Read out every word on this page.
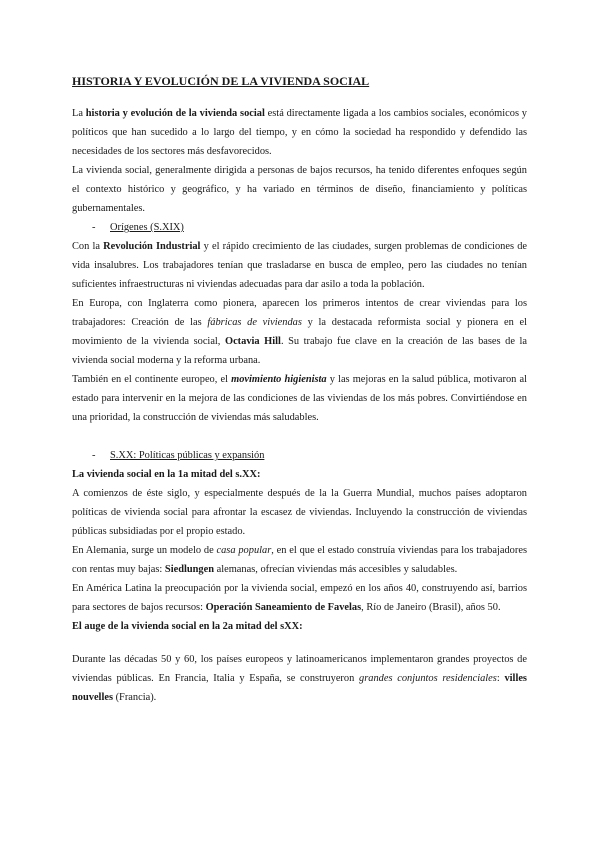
HISTORIA Y EVOLUCIÓN DE LA VIVIENDA SOCIAL

La historia y evolución de la vivienda social está directamente ligada a los cambios sociales, económicos y políticos que han sucedido a lo largo del tiempo, y en cómo la sociedad ha respondido y defendido las necesidades de los sectores más desfavorecidos.

La vivienda social, generalmente dirigida a personas de bajos recursos, ha tenido diferentes enfoques según el contexto histórico y geográfico, y ha variado en términos de diseño, financiamiento y políticas gubernamentales.

- Orígenes (S.XIX)

Con la Revolución Industrial y el rápido crecimiento de las ciudades, surgen problemas de condiciones de vida insalubres. Los trabajadores tenían que trasladarse en busca de empleo, pero las ciudades no tenían suficientes infraestructuras ni viviendas adecuadas para dar asilo a toda la población.

En Europa, con Inglaterra como pionera, aparecen los primeros intentos de crear viviendas para los trabajadores: Creación de las fábricas de viviendas y la destacada reformista social y pionera en el movimiento de la vivienda social, Octavia Hill. Su trabajo fue clave en la creación de las bases de la vivienda social moderna y la reforma urbana.

También en el continente europeo, el movimiento higienista y las mejoras en la salud pública, motivaron al estado para intervenir en la mejora de las condiciones de las viviendas de los más pobres. Convirtiéndose en una prioridad, la construcción de viviendas más saludables.

- S.XX: Políticas públicas y expansión

La vivienda social en la 1a mitad del s.XX:

A comienzos de éste siglo, y especialmente después de la la Guerra Mundial, muchos países adoptaron políticas de vivienda social para afrontar la escasez de viviendas. Incluyendo la construcción de viviendas públicas subsidiadas por el propio estado.

En Alemania, surge un modelo de casa popular, en el que el estado construía viviendas para los trabajadores con rentas muy bajas: Siedlungen alemanas, ofrecían viviendas más accesibles y saludables.

En América Latina la preocupación por la vivienda social, empezó en los años 40, construyendo así, barrios para sectores de bajos recursos: Operación Saneamiento de Favelas, Río de Janeiro (Brasil), años 50.

El auge de la vivienda social en la 2a mitad del sXX:

Durante las décadas 50 y 60, los países europeos y latinoamericanos implementaron grandes proyectos de viviendas públicas. En Francia, Italia y España, se construyeron grandes conjuntos residenciales: villes nouvelles (Francia).
